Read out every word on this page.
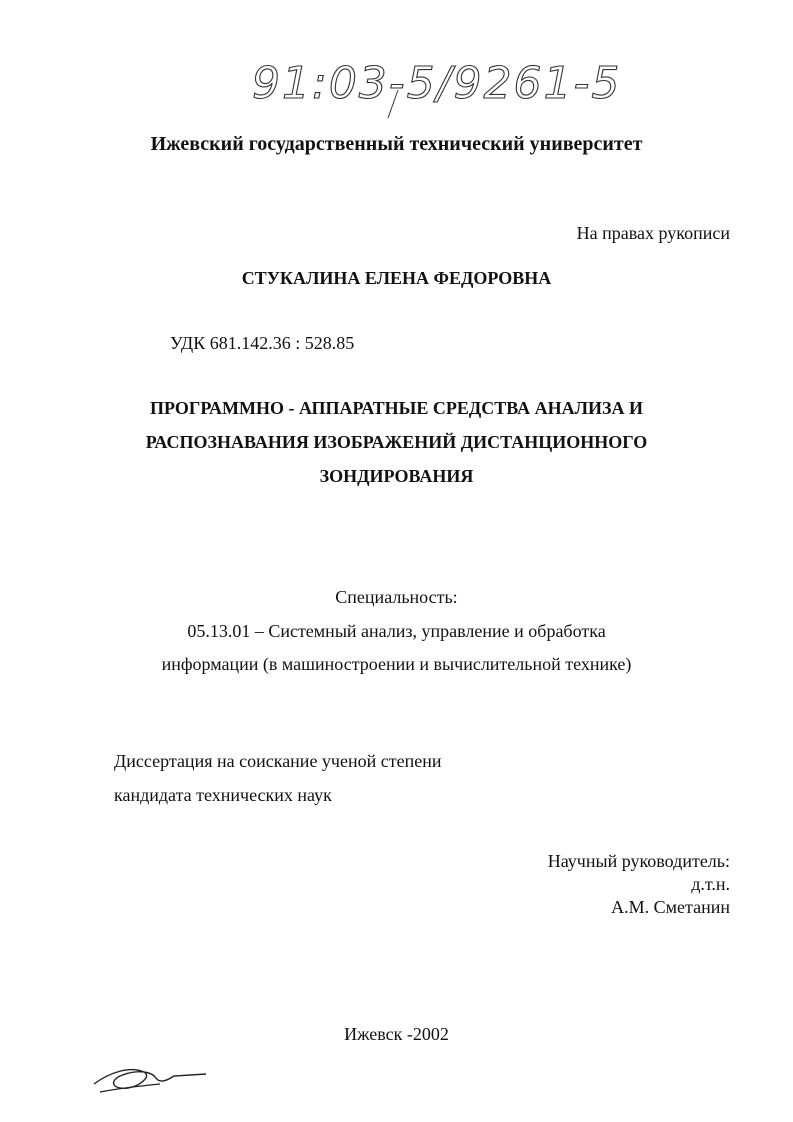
91:03-5/9261-5
Ижевский государственный технический университет
На правах рукописи
СТУКАЛИНА ЕЛЕНА ФЕДОРОВНА
УДК 681.142.36 : 528.85
ПРОГРАММНО - АППАРАТНЫЕ СРЕДСТВА АНАЛИЗА И
РАСПОЗНАВАНИЯ ИЗОБРАЖЕНИЙ ДИСТАНЦИОННОГО
ЗОНДИРОВАНИЯ
Специальность:
05.13.01 – Системный анализ, управление и обработка
информации (в машиностроении и вычислительной технике)
Диссертация на соискание ученой степени
кандидата технических наук
Научный руководитель:
д.т.н.
А.М. Сметанин
Ижевск -2002
